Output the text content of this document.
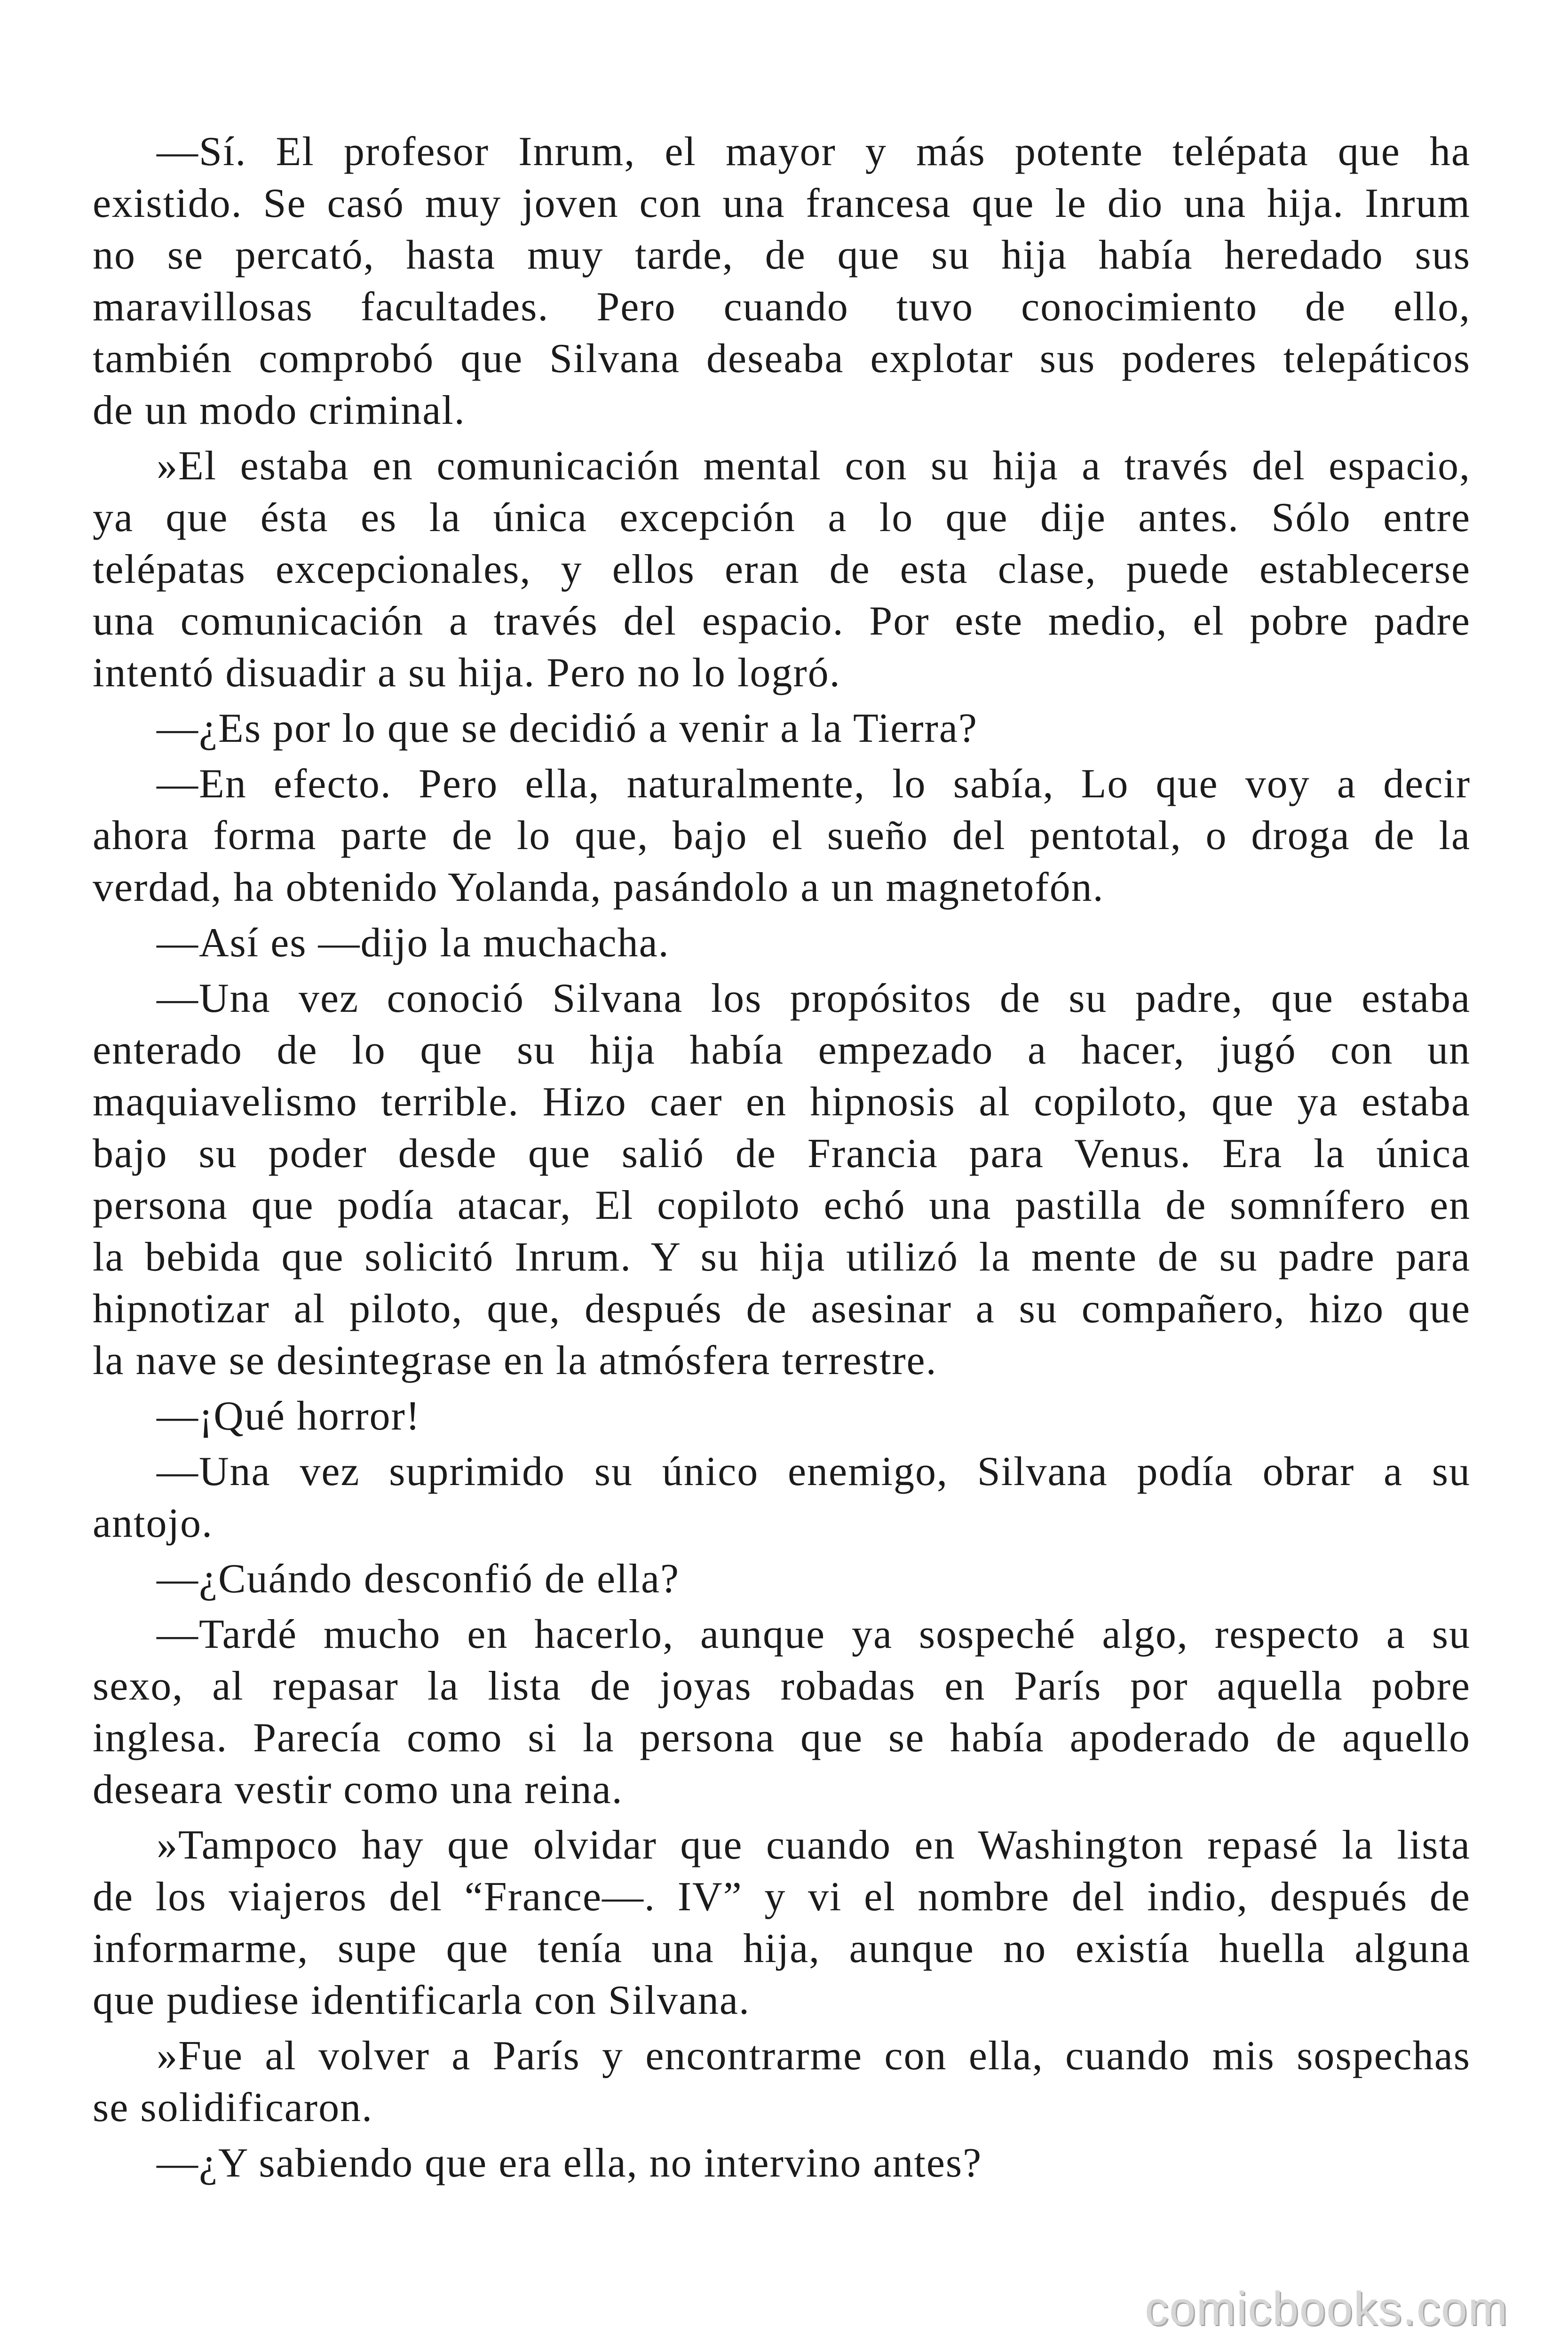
—Sí. El profesor Inrum, el mayor y más potente telépata que ha
existido. Se casó muy joven con una francesa que le dio una hija. Inrum
no se percató, hasta muy tarde, de que su hija había heredado sus
maravillosas facultades. Pero cuando tuvo conocimiento de ello,
también comprobó que Silvana deseaba explotar sus poderes telepáticos
de un modo criminal.
»El estaba en comunicación mental con su hija a través del espacio,
ya que ésta es la única excepción a lo que dije antes. Sólo entre
telépatas excepcionales, y ellos eran de esta clase, puede establecerse
una comunicación a través del espacio. Por este medio, el pobre padre
intentó disuadir a su hija. Pero no lo logró.
—¿Es por lo que se decidió a venir a la Tierra?
—En efecto. Pero ella, naturalmente, lo sabía, Lo que voy a decir
ahora forma parte de lo que, bajo el sueño del pentotal, o droga de la
verdad, ha obtenido Yolanda, pasándolo a un magnetofón.
—Así es —dijo la muchacha.
—Una vez conoció Silvana los propósitos de su padre, que estaba
enterado de lo que su hija había empezado a hacer, jugó con un
maquiavelismo terrible. Hizo caer en hipnosis al copiloto, que ya estaba
bajo su poder desde que salió de Francia para Venus. Era la única
persona que podía atacar, El copiloto echó una pastilla de somnífero en
la bebida que solicitó Inrum. Y su hija utilizó la mente de su padre para
hipnotizar al piloto, que, después de asesinar a su compañero, hizo que
la nave se desintegrase en la atmósfera terrestre.
—¡Qué horror!
—Una vez suprimido su único enemigo, Silvana podía obrar a su
antojo.
—¿Cuándo desconfió de ella?
—Tardé mucho en hacerlo, aunque ya sospeché algo, respecto a su
sexo, al repasar la lista de joyas robadas en París por aquella pobre
inglesa. Parecía como si la persona que se había apoderado de aquello
deseara vestir como una reina.
»Tampoco hay que olvidar que cuando en Washington repasé la lista
de los viajeros del “France—. IV” y vi el nombre del indio, después de
informarme, supe que tenía una hija, aunque no existía huella alguna
que pudiese identificarla con Silvana.
»Fue al volver a París y encontrarme con ella, cuando mis sospechas
se solidificaron.
—¿Y sabiendo que era ella, no intervino antes?
comicbooks.com
